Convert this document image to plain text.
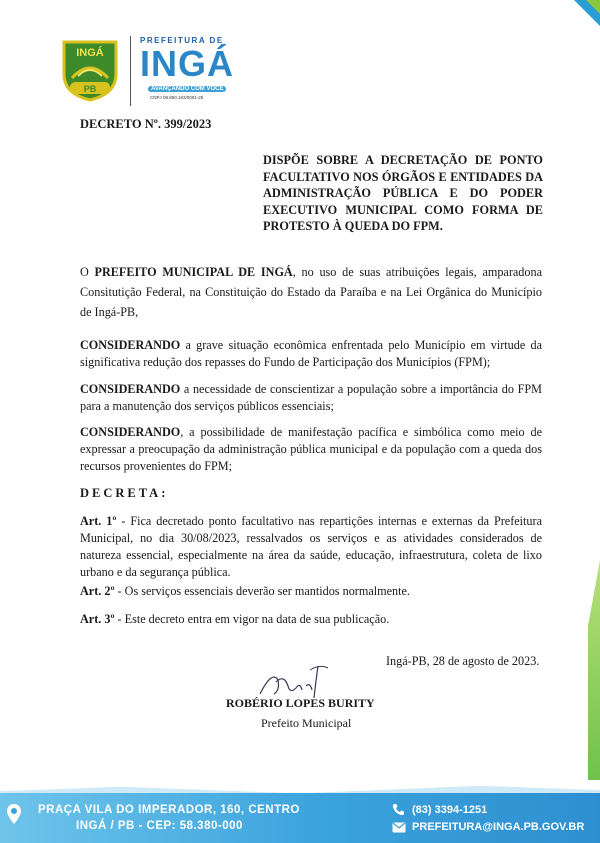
INGÁ
PB
PREFEITURA DE
INGÁ
AVANÇANDO COM VOCÊ
CNPJ 09.850.163/0001-25
DECRETO Nº. 399/2023
DISPÕE SOBRE A DECRETAÇÃO DE PONTO FACULTATIVO NOS ÓRGÃOS E ENTIDADES DA ADMINISTRAÇÃO PÚBLICA E DO PODER EXECUTIVO MUNICIPAL COMO FORMA DE PROTESTO À QUEDA DO FPM.
O PREFEITO MUNICIPAL DE INGÁ, no uso de suas atribuições legais, amparadona Consitutição Federal, na Constituição do Estado da Paraíba e na Lei Orgânica do Município de Ingá-PB,
CONSIDERANDO a grave situação econômica enfrentada pelo Município em virtude da significativa redução dos repasses do Fundo de Participação dos Municípios (FPM);
CONSIDERANDO a necessidade de conscientizar a população sobre a importância do FPM para a manutenção dos serviços públicos essenciais;
CONSIDERANDO, a possibilidade de manifestação pacífica e simbólica como meio de expressar a preocupação da administração pública municipal e da população com a queda dos recursos provenientes do FPM;
DECRETA:
Art. 1º - Fica decretado ponto facultativo nas repartições internas e externas da Prefeitura Municipal, no dia 30/08/2023, ressalvados os serviços e as atividades considerados de natureza essencial, especialmente na área da saúde, educação, infraestrutura, coleta de lixo urbano e da segurança pública.
Art. 2º - Os serviços essenciais deverão ser mantidos normalmente.
Art. 3º - Este decreto entra em vigor na data de sua publicação.
Ingá-PB, 28 de agosto de 2023.
ROBÉRIO LOPES BURITY
Prefeito Municipal
PRAÇA VILA DO IMPERADOR, 160, CENTRO
INGÁ / PB - CEP: 58.380-000
(83) 3394-1251
PREFEITURA@INGA.PB.GOV.BR
